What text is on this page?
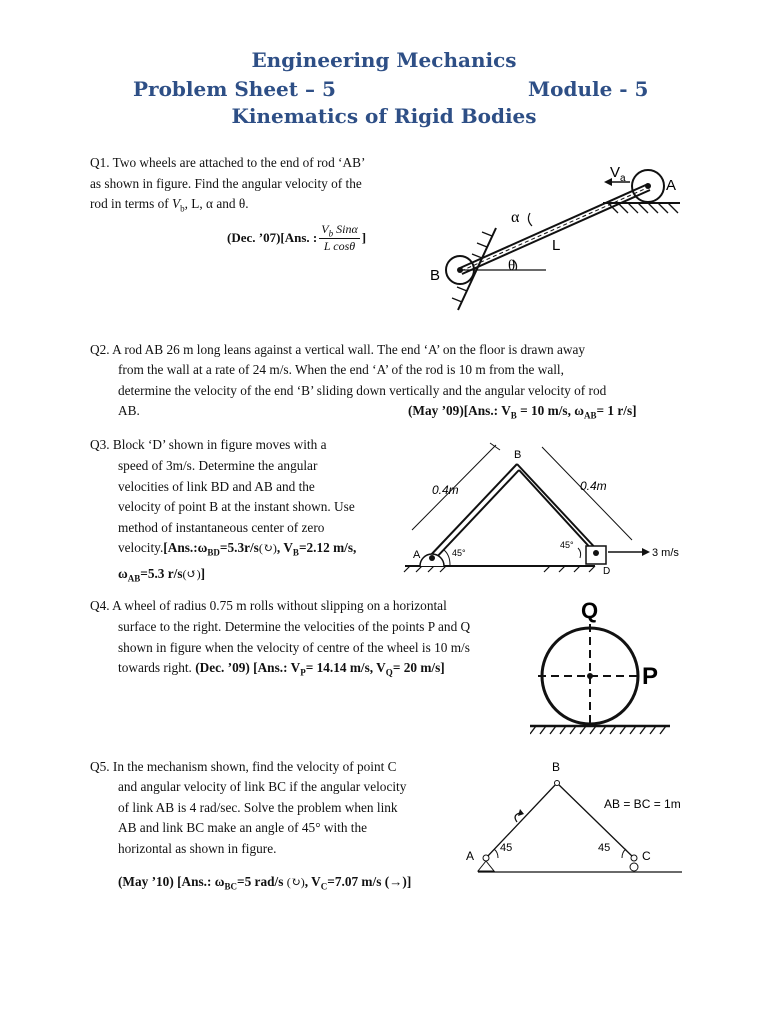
Engineering Mechanics
Problem Sheet – 5	Module - 5
Kinematics of Rigid Bodies
Q1. Two wheels are attached to the end of rod ‘AB’
as shown in figure. Find the angular velocity of the
rod in terms of $V_b$, L, α and θ.
(Dec. ’07)[Ans. :
$V_b$ Sinα
L cosθ
]
$V_a$	A
B
α
L
θ
Q2. A rod AB 26 m long leans against a vertical wall. The end ‘A’ on the floor is drawn away
from the wall at a rate of 24 m/s. When the end ‘A’ of the rod is 10 m from the wall,
determine the velocity of the end ‘B’ sliding down vertically and the angular velocity of rod
AB.	(May ’09)[Ans.: $V_B = 10$ m/s, $\omega_{AB}= 1$ r/s]
Q3. Block ‘D’ shown in figure moves with a
speed of 3m/s. Determine the angular
velocities of link BD and AB and the
velocity of point B at the instant shown. Use
method of instantaneous center of zero
$velocity.[Ans.:\omega_{BD}=5.3r/s(↻)$, $V_B=2.12$ m/s,
$\omega_{AB}=5.3$ r/s(↺)]
0.4m	0.4m
B
A
D
45°
45°
3 m/s
Q4. A wheel of radius 0.75 m rolls without slipping on a horizontal
surface to the right. Determine the velocities of the points P and Q
shown in figure when the velocity of centre of the wheel is 10 m/s
towards right. (Dec. ’09) [Ans.: $V_P= 14.14$ m/s, $V_Q= 20$ m/s]
Q
P
Q5. In the mechanism shown, find the velocity of point C
and angular velocity of link BC if the angular velocity
of link AB is 4 rad/sec. Solve the problem when link
AB and link BC make an angle of 45° with the
horizontal as shown in figure.
(May ’10) [Ans.: $\omega_{BC}=5$ rad/s (↻), $V_C=7.07$ m/s (→)]
B
A	C
AB = BC = 1m
45	45
